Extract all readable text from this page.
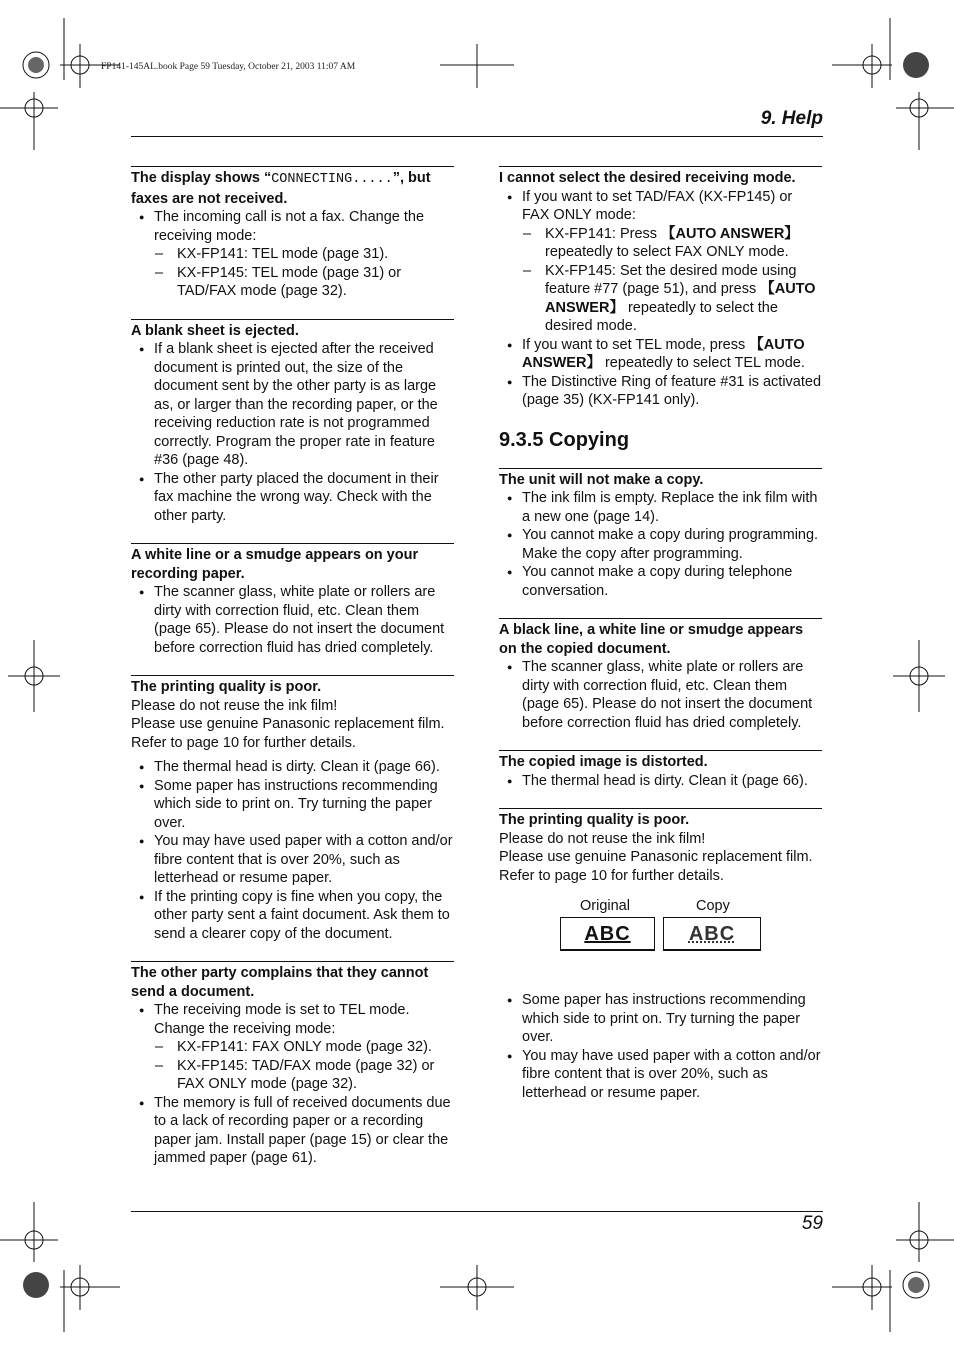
FP141-145AL.book Page 59 Tuesday, October 21, 2003 11:07 AM
9. Help
The display shows “CONNECTING.....”, but faxes are not received.
● The incoming call is not a fax. Change the receiving mode:
– KX-FP141: TEL mode (page 31).
– KX-FP145: TEL mode (page 31) or TAD/FAX mode (page 32).
A blank sheet is ejected.
● If a blank sheet is ejected after the received document is printed out, the size of the document sent by the other party is as large as, or larger than the recording paper, or the receiving reduction rate is not programmed correctly. Program the proper rate in feature #36 (page 48).
● The other party placed the document in their fax machine the wrong way. Check with the other party.
A white line or a smudge appears on your recording paper.
● The scanner glass, white plate or rollers are dirty with correction fluid, etc. Clean them (page 65). Please do not insert the document before correction fluid has dried completely.
The printing quality is poor.

Please do not reuse the ink film!

Please use genuine Panasonic replacement film. Refer to page 10 for further details.

● The thermal head is dirty. Clean it (page 66).
● Some paper has instructions recommending which side to print on. Try turning the paper over.
● You may have used paper with a cotton and/or fibre content that is over 20%, such as letterhead or resume paper.
● If the printing copy is fine when you copy, the other party sent a faint document. Ask them to send a clearer copy of the document.
The other party complains that they cannot send a document.
● The receiving mode is set to TEL mode. Change the receiving mode:
– KX-FP141: FAX ONLY mode (page 32).
– KX-FP145: TAD/FAX mode (page 32) or FAX ONLY mode (page 32).
● The memory is full of received documents due to a lack of recording paper or a recording paper jam. Install paper (page 15) or clear the jammed paper (page 61).
I cannot select the desired receiving mode.
● If you want to set TAD/FAX (KX-FP145) or FAX ONLY mode:
– KX-FP141: Press 【AUTO ANSWER】 repeatedly to select FAX ONLY mode.
– KX-FP145: Set the desired mode using feature #77 (page 51), and press 【AUTO ANSWER】 repeatedly to select the desired mode.
● If you want to set TEL mode, press 【AUTO ANSWER】 repeatedly to select TEL mode.
● The Distinctive Ring of feature #31 is activated (page 35) (KX-FP141 only).
9.3.5 Copying
The unit will not make a copy.
● The ink film is empty. Replace the ink film with a new one (page 14).
● You cannot make a copy during programming. Make the copy after programming.
● You cannot make a copy during telephone conversation.
A black line, a white line or smudge appears on the copied document.
● The scanner glass, white plate or rollers are dirty with correction fluid, etc. Clean them (page 65). Please do not insert the document before correction fluid has dried completely.
The copied image is distorted.
● The thermal head is dirty. Clean it (page 66).
The printing quality is poor.

Please do not reuse the ink film!

Please use genuine Panasonic replacement film. Refer to page 10 for further details.

Original	Copy
ABC	ABC
● Some paper has instructions recommending which side to print on. Try turning the paper over.
● You may have used paper with a cotton and/or fibre content that is over 20%, such as letterhead or resume paper.
59
